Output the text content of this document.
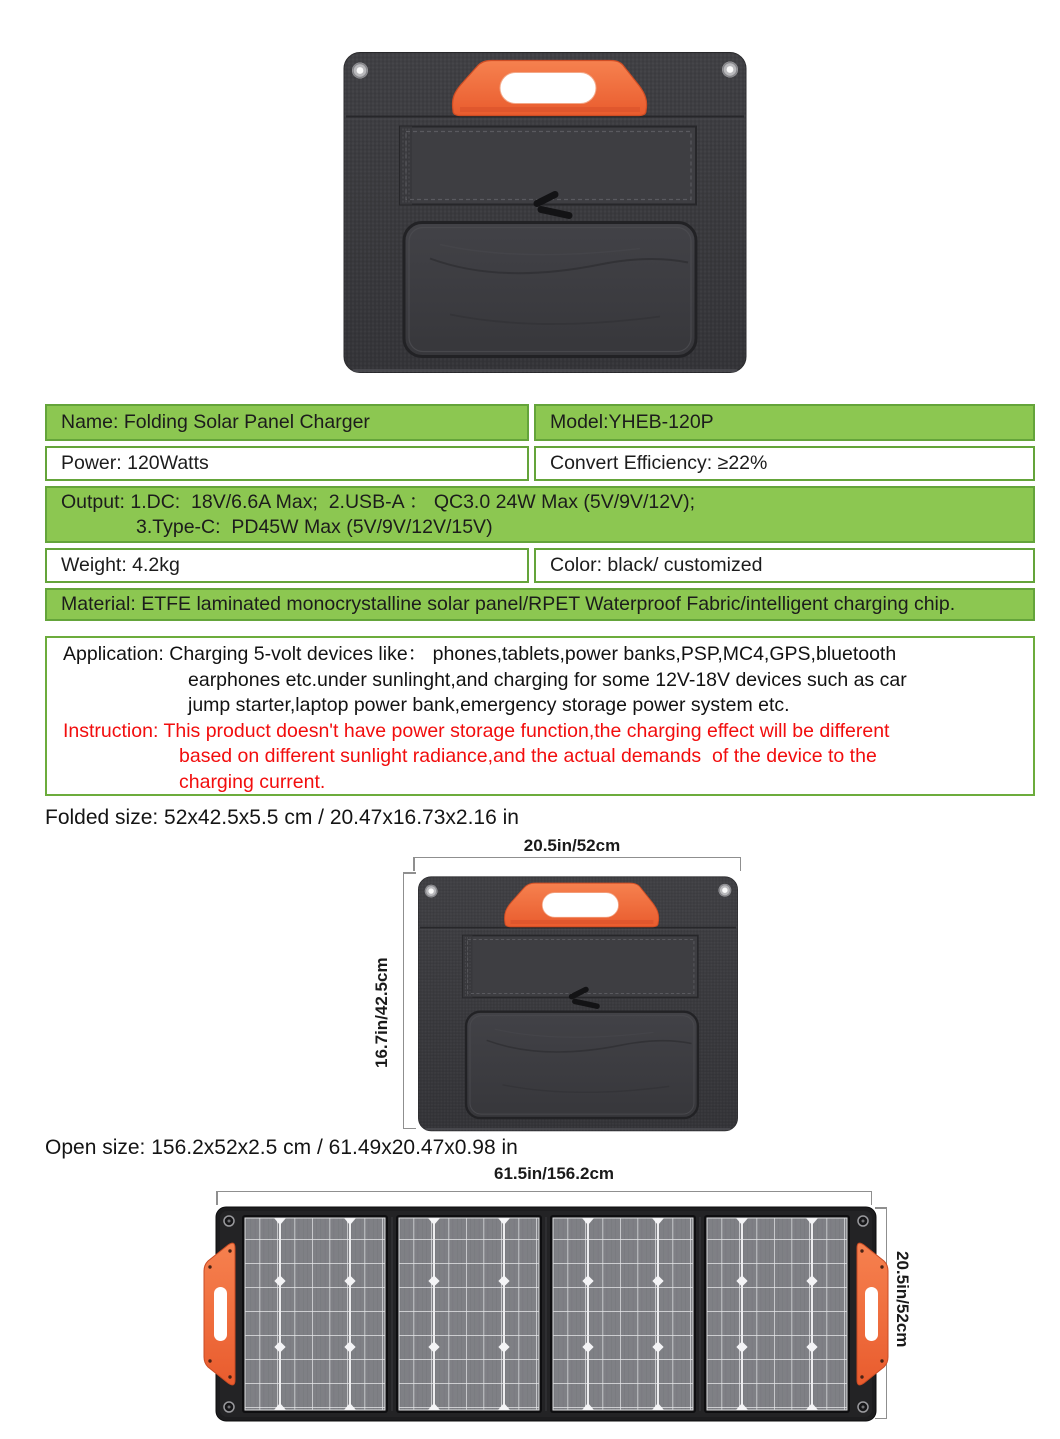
Name: Folding Solar Panel Charger	Model:YHEB-120P
Power: 120Watts	Convert Efficiency: ≥22%
Output: 1.DC:  18V/6.6A Max;  2.USB-A ： QC3.0 24W Max (5V/9V/12V);
3.Type-C:  PD45W Max (5V/9V/12V/15V)
Weight: 4.2kg	Color: black/ customized
Material: ETFE laminated monocrystalline solar panel/RPET Waterproof Fabric/intelligent charging chip.
Application: Charging 5-volt devices like： phones,tablets,power banks,PSP,MC4,GPS,bluetooth
earphones etc.under sunlinght,and charging for some 12V-18V devices such as car
jump starter,laptop power bank,emergency storage power system etc.
Instruction: This product doesn't have power storage function,the charging effect will be different
based on different sunlight radiance,and the actual demands  of the device to the
charging current.
Folded size: 52x42.5x5.5 cm / 20.47x16.73x2.16 in
20.5in/52cm
16.7in/42.5cm
Open size: 156.2x52x2.5 cm / 61.49x20.47x0.98 in
61.5in/156.2cm
20.5in/52cm
